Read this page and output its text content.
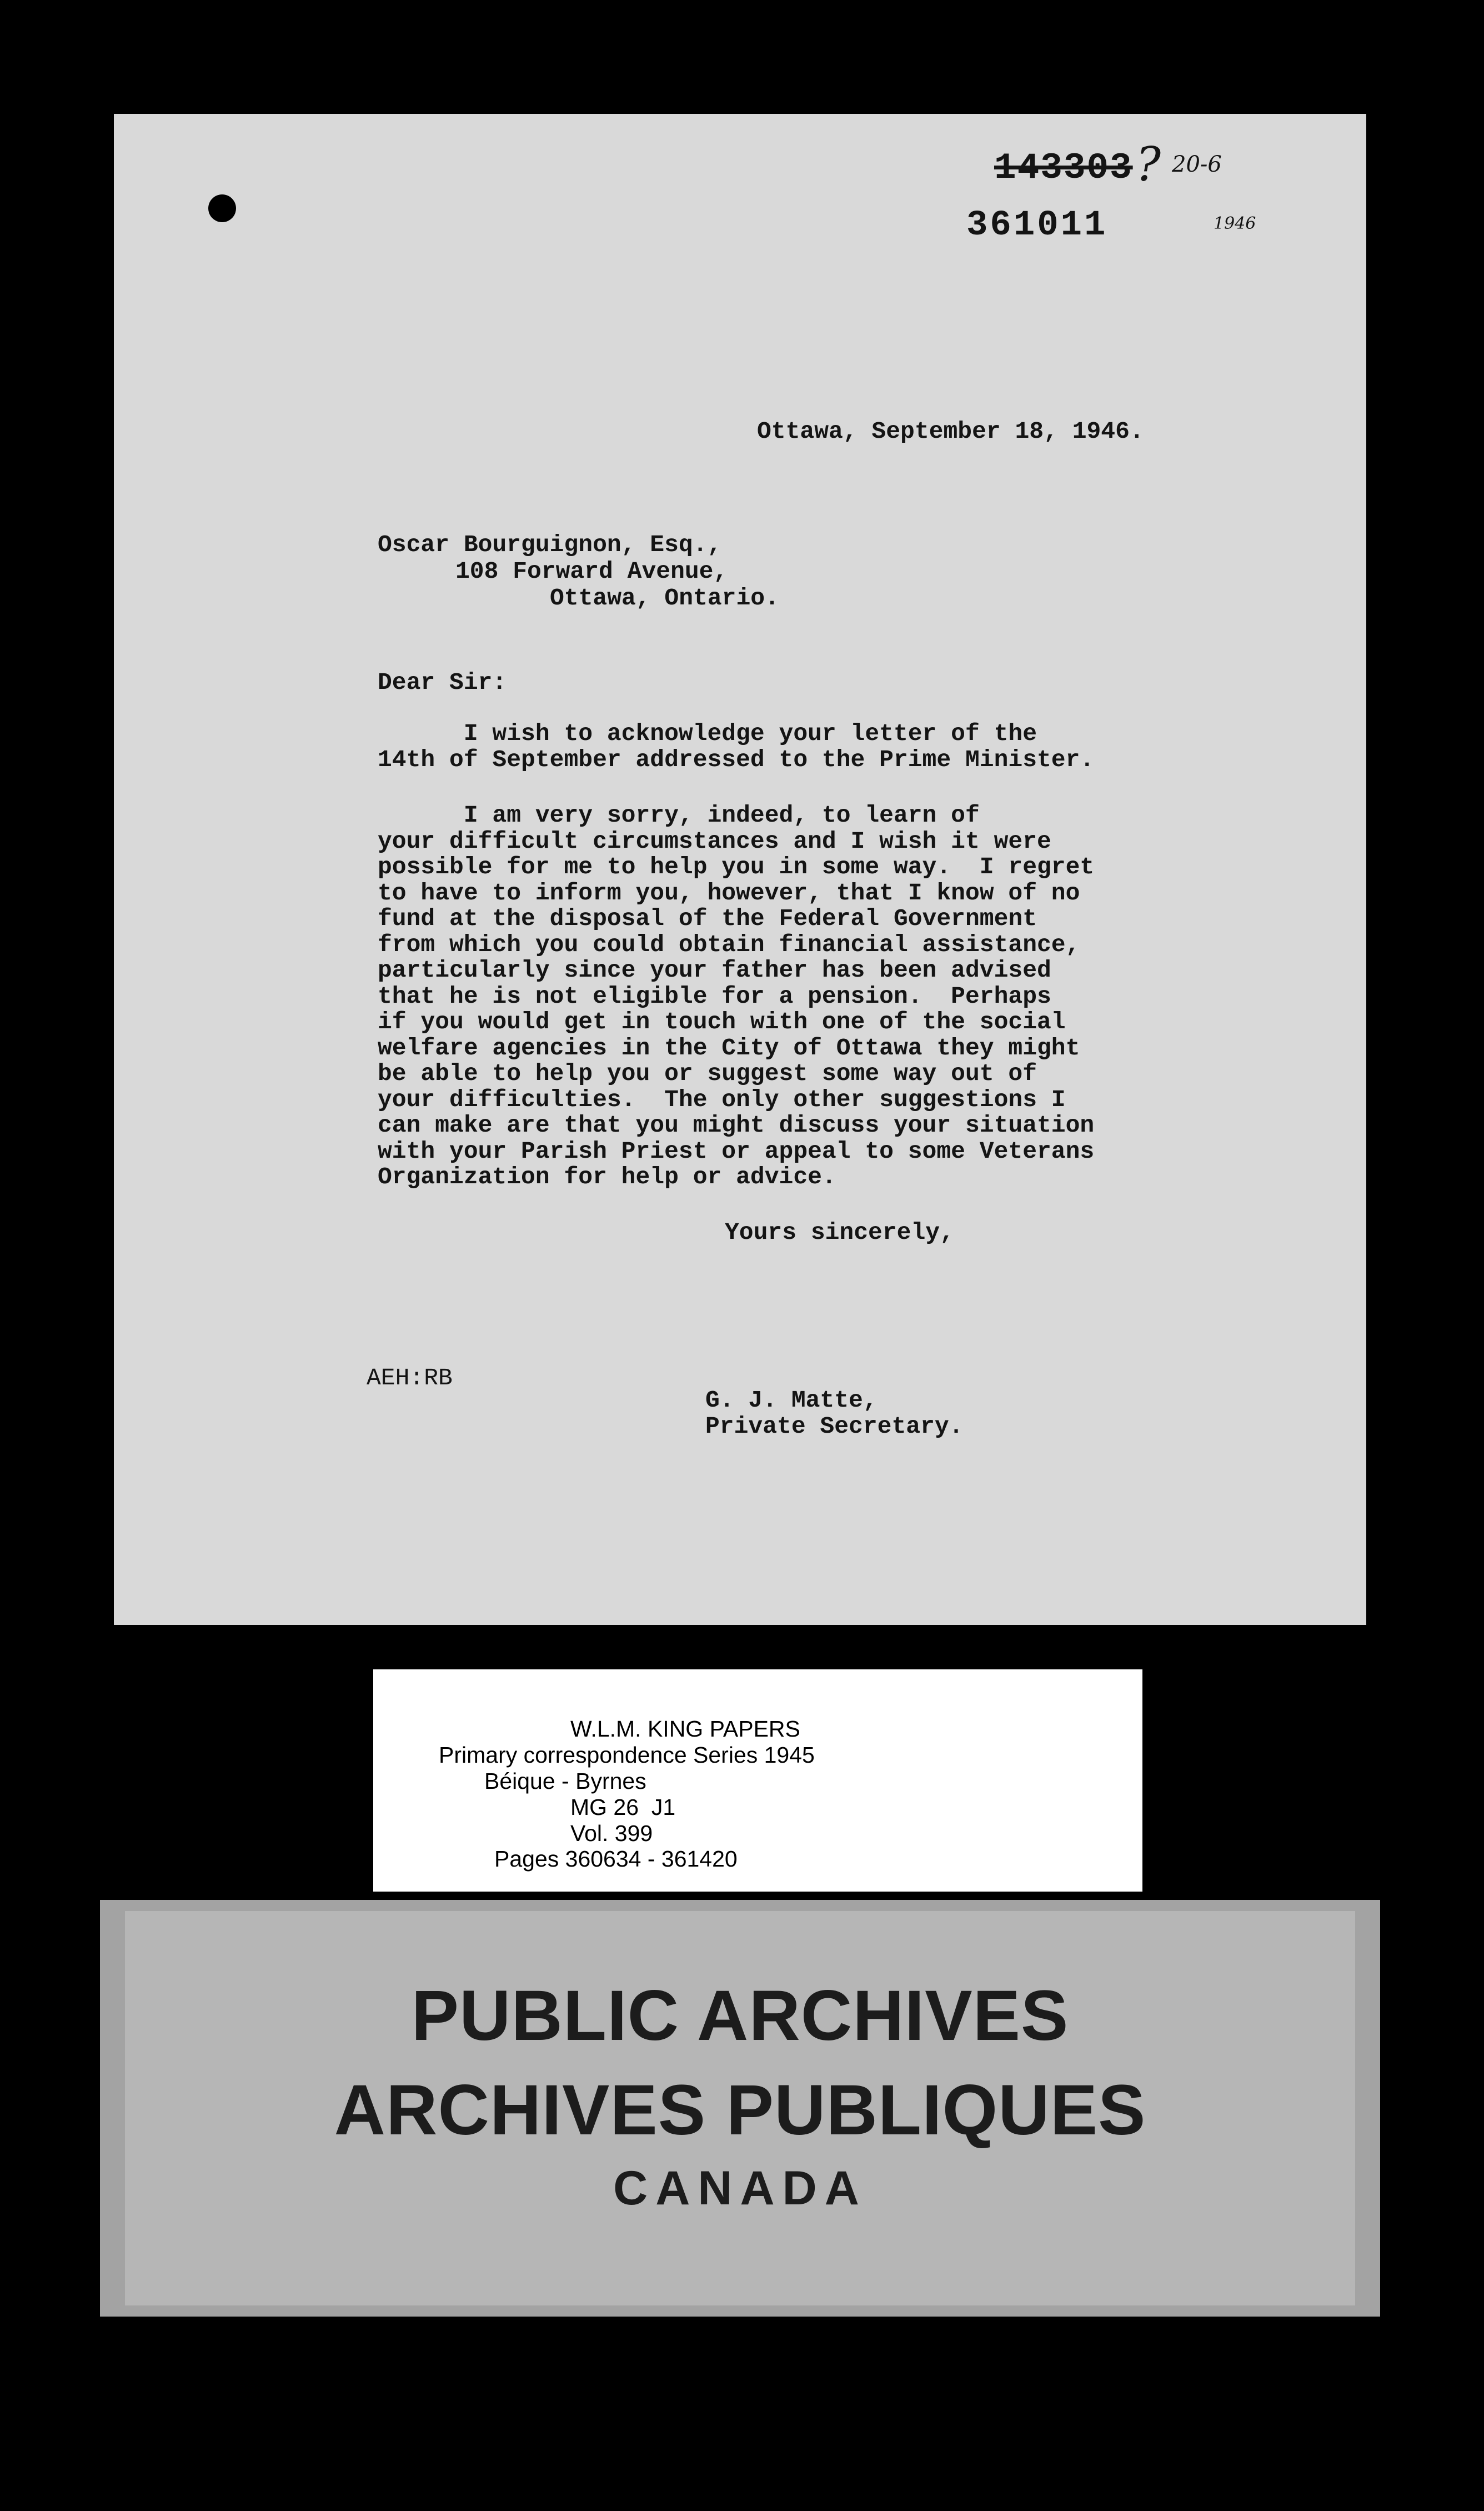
143303 ? 20-6
1946
361011
Ottawa, September 18, 1946.
Oscar Bourguignon, Esq.,
108 Forward Avenue,
Ottawa, Ontario.
Dear Sir:
I wish to acknowledge your letter of the
14th of September addressed to the Prime Minister.
I am very sorry, indeed, to learn of
your difficult circumstances and I wish it were
possible for me to help you in some way.  I regret
to have to inform you, however, that I know of no
fund at the disposal of the Federal Government
from which you could obtain financial assistance,
particularly since your father has been advised
that he is not eligible for a pension.  Perhaps
if you would get in touch with one of the social
welfare agencies in the City of Ottawa they might
be able to help you or suggest some way out of
your difficulties.  The only other suggestions I
can make are that you might discuss your situation
with your Parish Priest or appeal to some Veterans
Organization for help or advice.
Yours sincerely,
AEH:RB
G. J. Matte,
Private Secretary.
W.L.M. KING PAPERS
Primary correspondence Series 1945
Béique - Byrnes
MG 26  J1
Vol. 399
Pages 360634 - 361420
PUBLIC ARCHIVES
ARCHIVES PUBLIQUES
CANADA
